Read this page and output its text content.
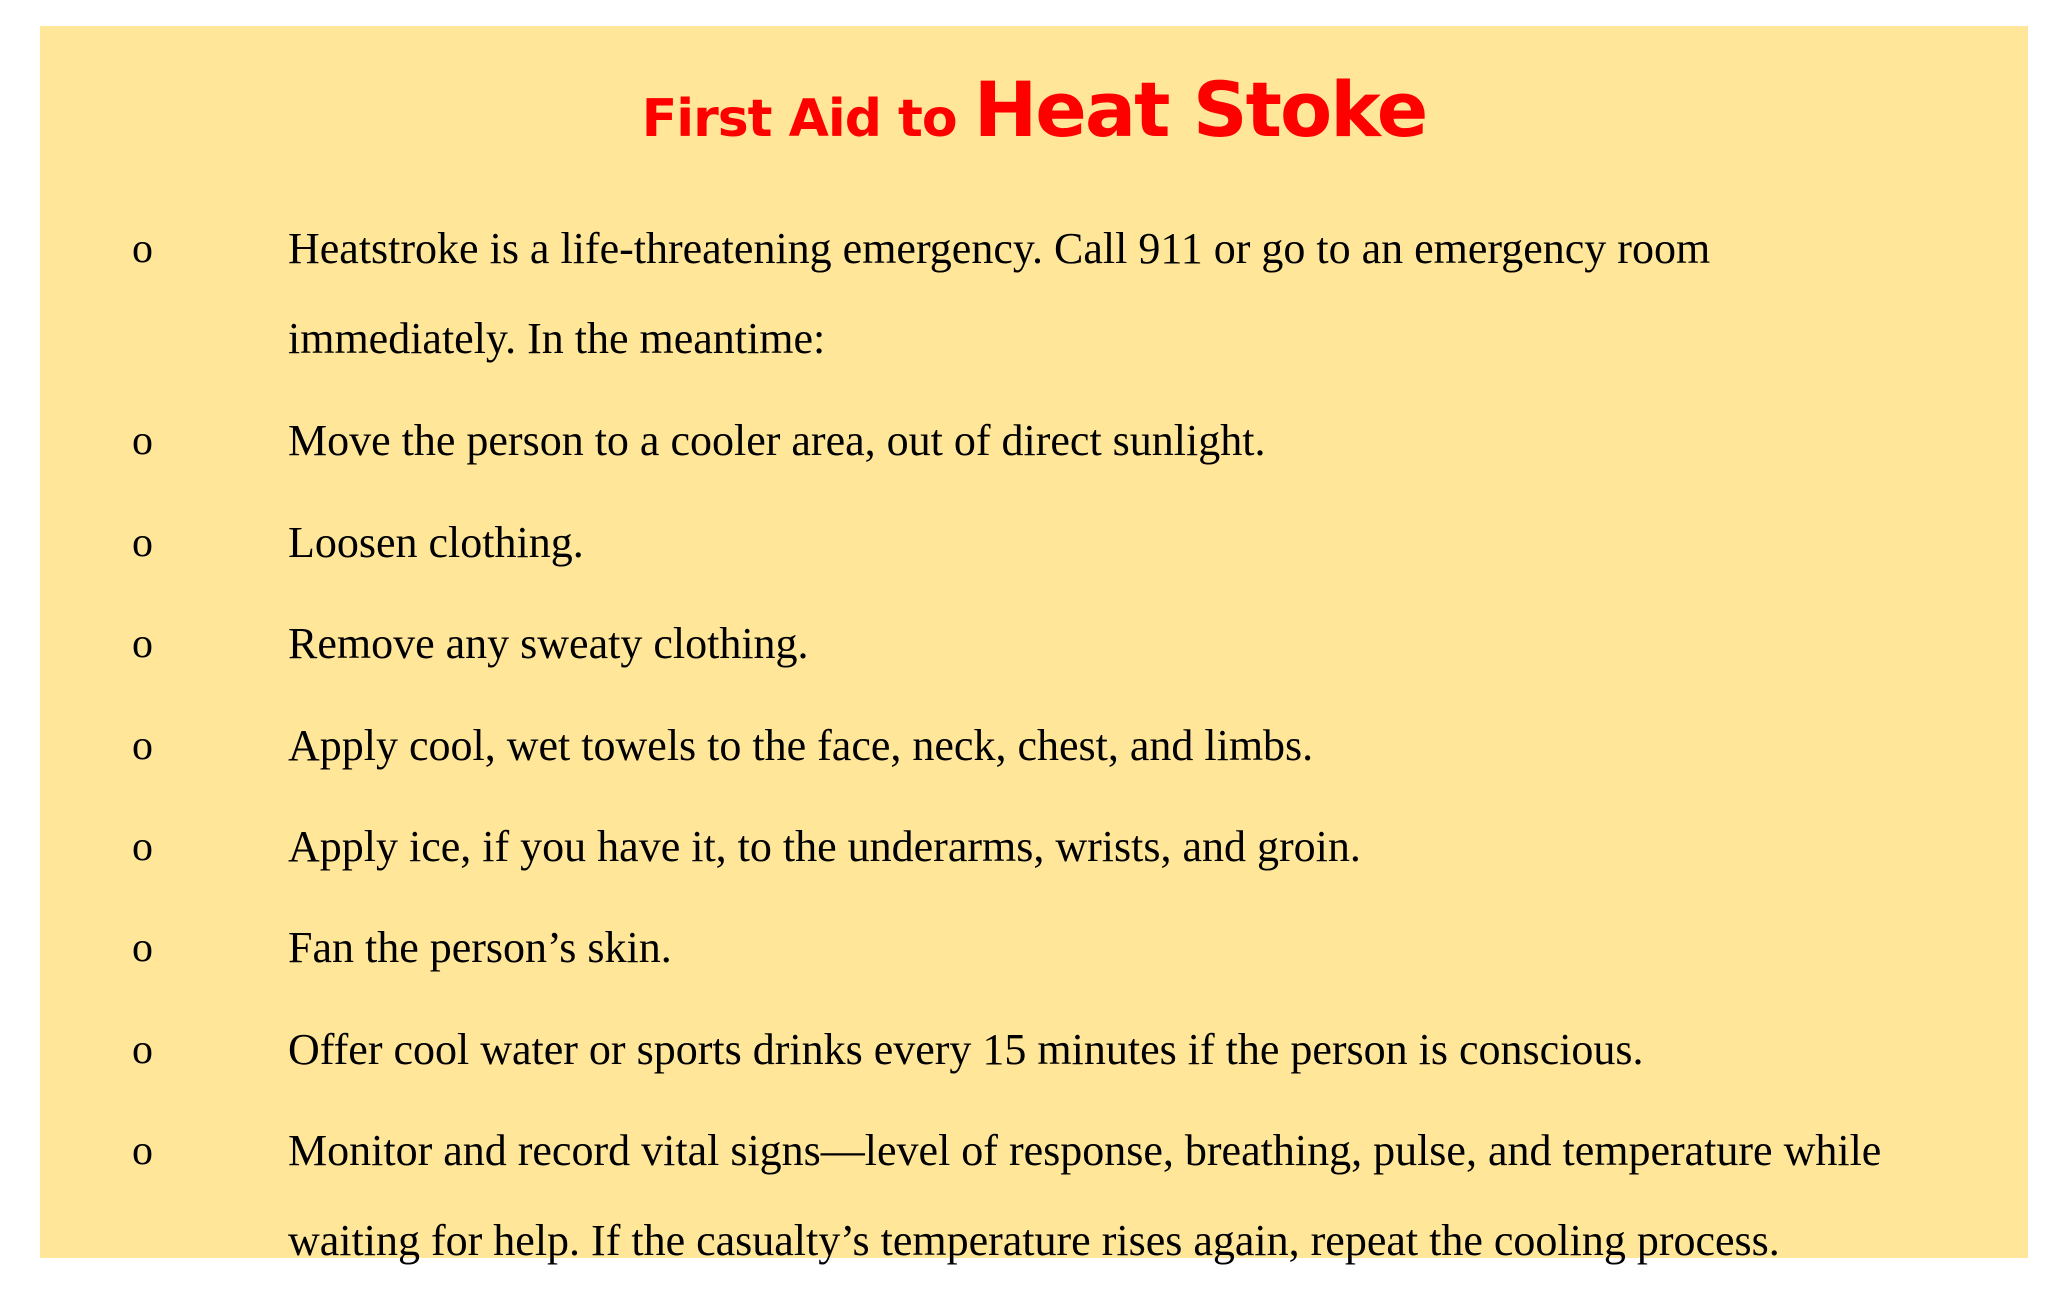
First Aid to Heat Stoke
o	Heatstroke is a life-threatening emergency. Call 911 or go to an emergency room
immediately. In the meantime:
o	Move the person to a cooler area, out of direct sunlight.
o	Loosen clothing.
o	Remove any sweaty clothing.
o	Apply cool, wet towels to the face, neck, chest, and limbs.
o	Apply ice, if you have it, to the underarms, wrists, and groin.
o	Fan the person’s skin.
o	Offer cool water or sports drinks every 15 minutes if the person is conscious.
o	Monitor and record vital signs—level of response, breathing, pulse, and temperature while
waiting for help. If the casualty’s temperature rises again, repeat the cooling process.
